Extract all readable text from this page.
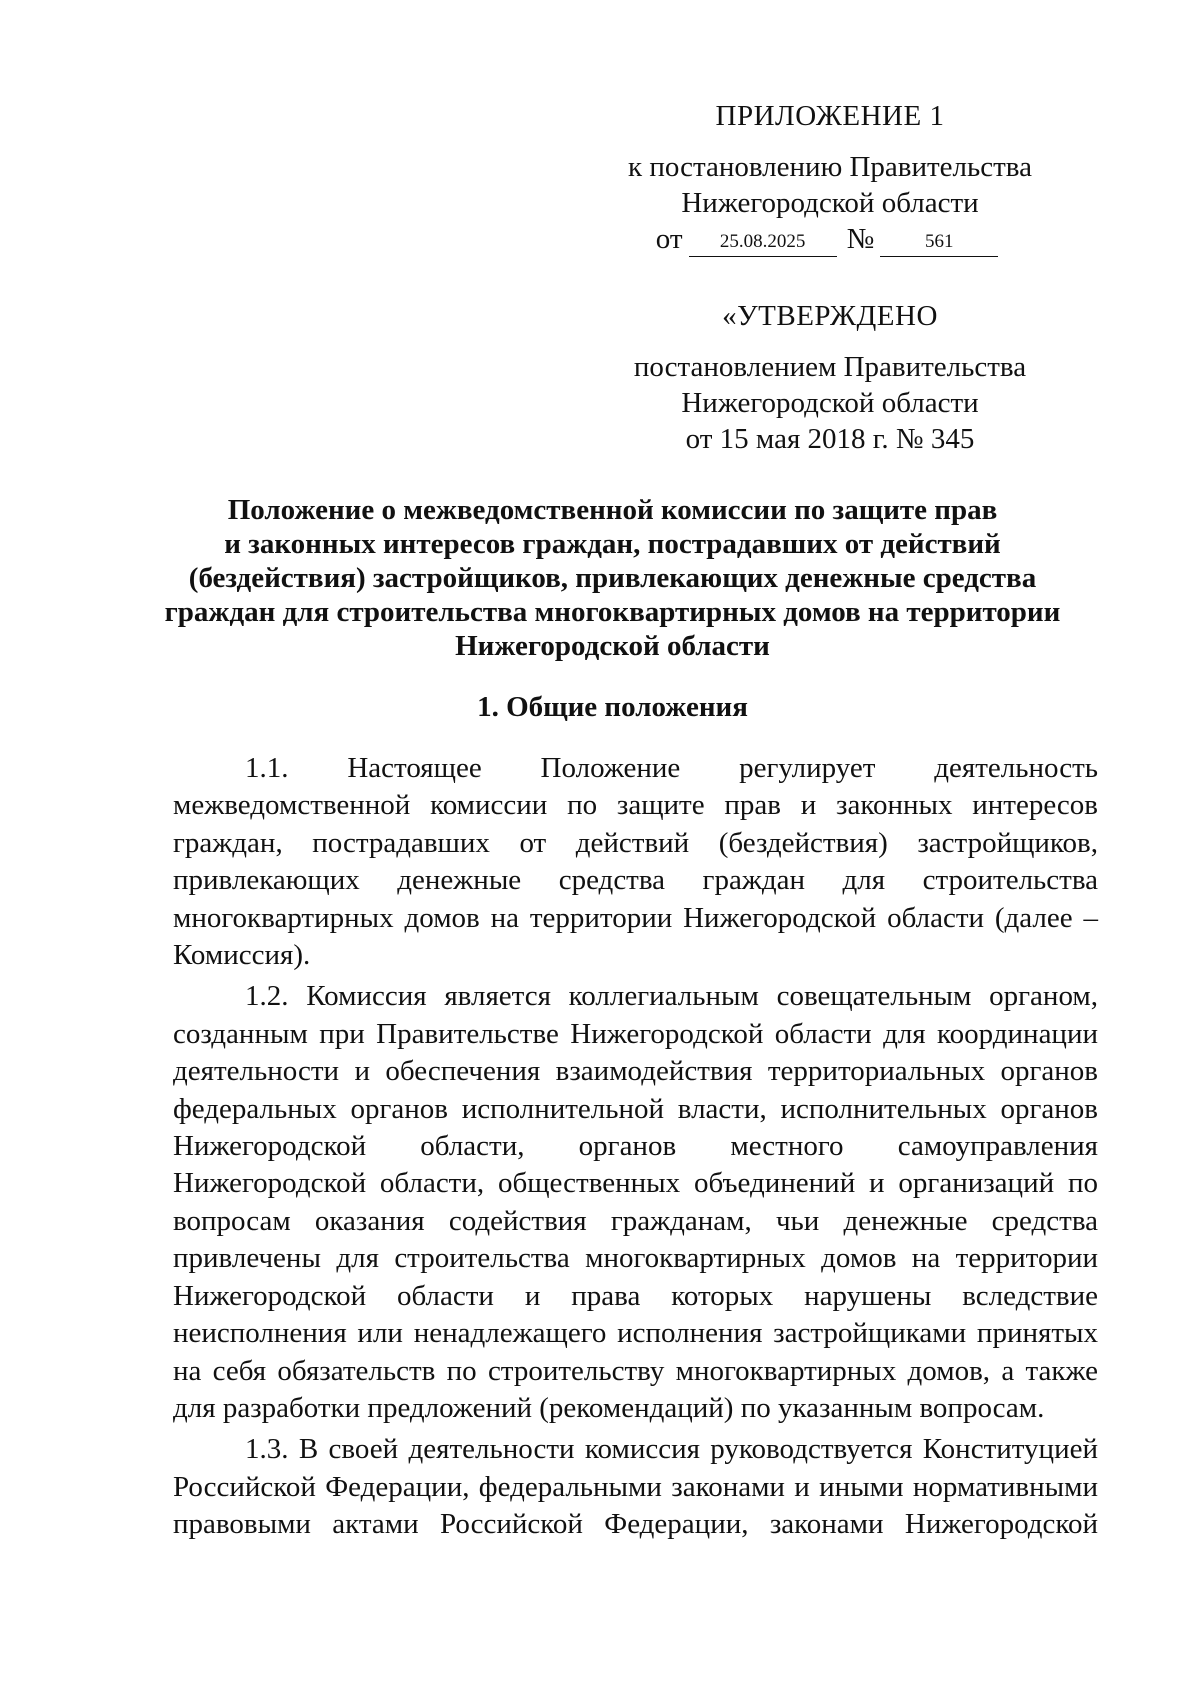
ПРИЛОЖЕНИЕ 1
к постановлению Правительства
Нижегородской области
от	25.08.2025	№	561
«УТВЕРЖДЕНО
постановлением Правительства
Нижегородской области
от 15 мая 2018 г. № 345
Положение о межведомственной комиссии по защите прав
и законных интересов граждан, пострадавших от действий
(бездействия) застройщиков, привлекающих денежные средства
граждан для строительства многоквартирных домов на территории
Нижегородской области
1. Общие положения

1.1. Настоящее Положение регулирует деятельность межведомственной комиссии по защите прав и законных интересов граждан, пострадавших от действий (бездействия) застройщиков, привлекающих денежные средства граждан для строительства многоквартирных домов на территории Нижегородской области (далее – Комиссия).

1.2. Комиссия является коллегиальным совещательным органом, созданным при Правительстве Нижегородской области для координации деятельности и обеспечения взаимодействия территориальных органов федеральных органов исполнительной власти, исполнительных органов Нижегородской области, органов местного самоуправления Нижегородской области, общественных объединений и организаций по вопросам оказания содействия гражданам, чьи денежные средства привлечены для строительства многоквартирных домов на территории Нижегородской области и права которых нарушены вследствие неисполнения или ненадлежащего исполнения застройщиками принятых на себя обязательств по строительству многоквартирных домов, а также для разработки предложений (рекомендаций) по указанным вопросам.

1.3. В своей деятельности комиссия руководствуется Конституцией Российской Федерации, федеральными законами и иными нормативными правовыми актами Российской Федерации, законами Нижегородской
